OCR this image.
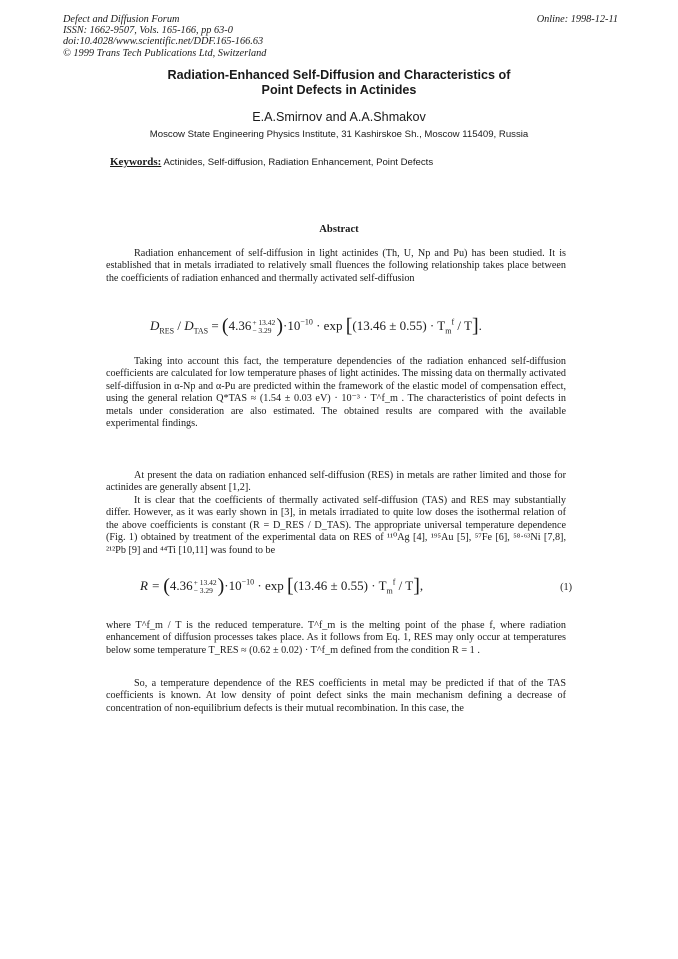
Defect and Diffusion Forum
ISSN: 1662-9507, Vols. 165-166, pp 63-0
doi:10.4028/www.scientific.net/DDF.165-166.63
© 1999 Trans Tech Publications Ltd, Switzerland
Online: 1998-12-11
Radiation-Enhanced Self-Diffusion and Characteristics of
Point Defects in Actinides
E.A.Smirnov and A.A.Shmakov
Moscow State Engineering Physics Institute, 31 Kashirskoe Sh., Moscow 115409, Russia
Keywords: Actinides, Self-diffusion, Radiation Enhancement, Point Defects
Abstract
Radiation enhancement of self-diffusion in light actinides (Th, U, Np and Pu) has been studied. It is established that in metals irradiated to relatively small fluences the following relationship takes place between the coefficients of radiation enhanced and thermally activated self-diffusion
$D_{RES} / D_{TAS} = (4.36+ 13.42$
− 3.29 )$\cdot 10^{-10} \cdot \exp [(13.46 \pm 0.55) \cdot T_m^f / T]$.
Taking into account this fact, the temperature dependencies of the radiation enhanced self-diffusion coefficients are calculated for low temperature phases of light actinides. The missing data on thermally activated self-diffusion in α-Np and α-Pu are predicted within the framework of the elastic model of compensation effect, using the general relation Q*TAS ≈ (1.54 ± 0.03 eV) · 10⁻³ · T^f_m . The characteristics of point defects in metals under consideration are also estimated. The obtained results are compared with the available experimental findings.
At present the data on radiation enhanced self-diffusion (RES) in metals are rather limited and those for actinides are generally absent [1,2].
It is clear that the coefficients of thermally activated self-diffusion (TAS) and RES may substantially differ. However, as it was early shown in [3], in metals irradiated to quite low doses the isothermal relation of the above coefficients is constant (R = D_RES / D_TAS). The appropriate universal temperature dependence (Fig. 1) obtained by treatment of the experimental data on RES of ¹¹⁰Ag [4], ¹⁹⁵Au [5], ⁵⁷Fe [6], ⁵⁸·⁶³Ni [7,8], ²¹²Pb [9] and ⁴⁴Ti [10,11] was found to be
R = (4.36+ 13.42
− 3.29 )$\cdot 10^{-10} \cdot \exp [(13.46 \pm 0.55) \cdot T_m^f / T]$,	(1)
where T^f_m / T is the reduced temperature. T^f_m is the melting point of the phase f, where radiation enhancement of diffusion processes takes place. As it follows from Eq. 1, RES may only occur at temperatures below some temperature T_RES ≈ (0.62 ± 0.02) · T^f_m defined from the condition R = 1 .
So, a temperature dependence of the RES coefficients in metal may be predicted if that of the TAS coefficients is known. At low density of point defect sinks the main mechanism defining a decrease of concentration of non-equilibrium defects is their mutual recombination. In this case, the
